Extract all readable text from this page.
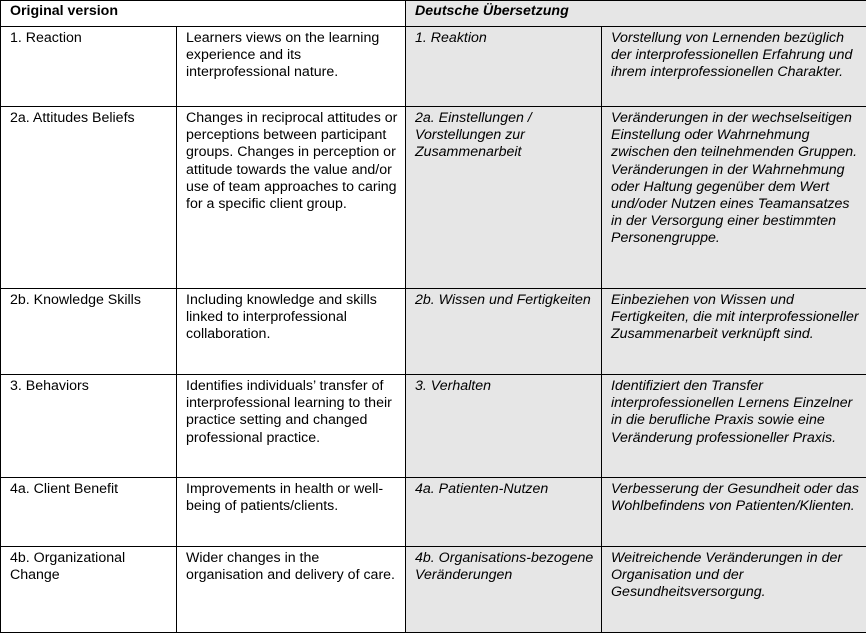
Original version		Deutsche Übersetzung	
1. Reaction	Learners views on the learning experience and its interprofessional nature.	1. Reaktion	Vorstellung von Lernenden bezüglich der interprofessionellen Erfahrung und ihrem interprofessionellen Charakter.
2a. Attitudes Beliefs	Changes in reciprocal attitudes or perceptions between participant groups. Changes in perception or attitude towards the value and/or use of team approaches to caring for a specific client group.	2a. Einstellungen / Vorstellungen zur Zusammenarbeit	Veränderungen in der wechselseitigen Einstellung oder Wahrnehmung zwischen den teilnehmenden Gruppen. Veränderungen in der Wahrnehmung oder Haltung gegenüber dem Wert und/oder Nutzen eines Teamansatzes in der Versorgung einer bestimmten Personengruppe.
2b. Knowledge Skills	Including knowledge and skills linked to interprofessional collaboration.	2b. Wissen und Fertigkeiten	Einbeziehen von Wissen und Fertigkeiten, die mit interprofessioneller Zusammenarbeit verknüpft sind.
3. Behaviors	Identifies individuals’ transfer of interprofessional learning to their practice setting and changed professional practice.	3. Verhalten	Identifiziert den Transfer interprofessionellen Lernens Einzelner in die berufliche Praxis sowie eine Veränderung professioneller Praxis.
4a. Client Benefit	Improvements in health or well-being of patients/clients.	4a. Patienten-Nutzen	Verbesserung der Gesundheit oder das Wohlbefindens von Patienten/Klienten.
4b. Organizational Change	Wider changes in the organisation and delivery of care.	4b. Organisations-bezogene Veränderungen	Weitreichende Veränderungen in der Organisation und der Gesundheitsversorgung.
